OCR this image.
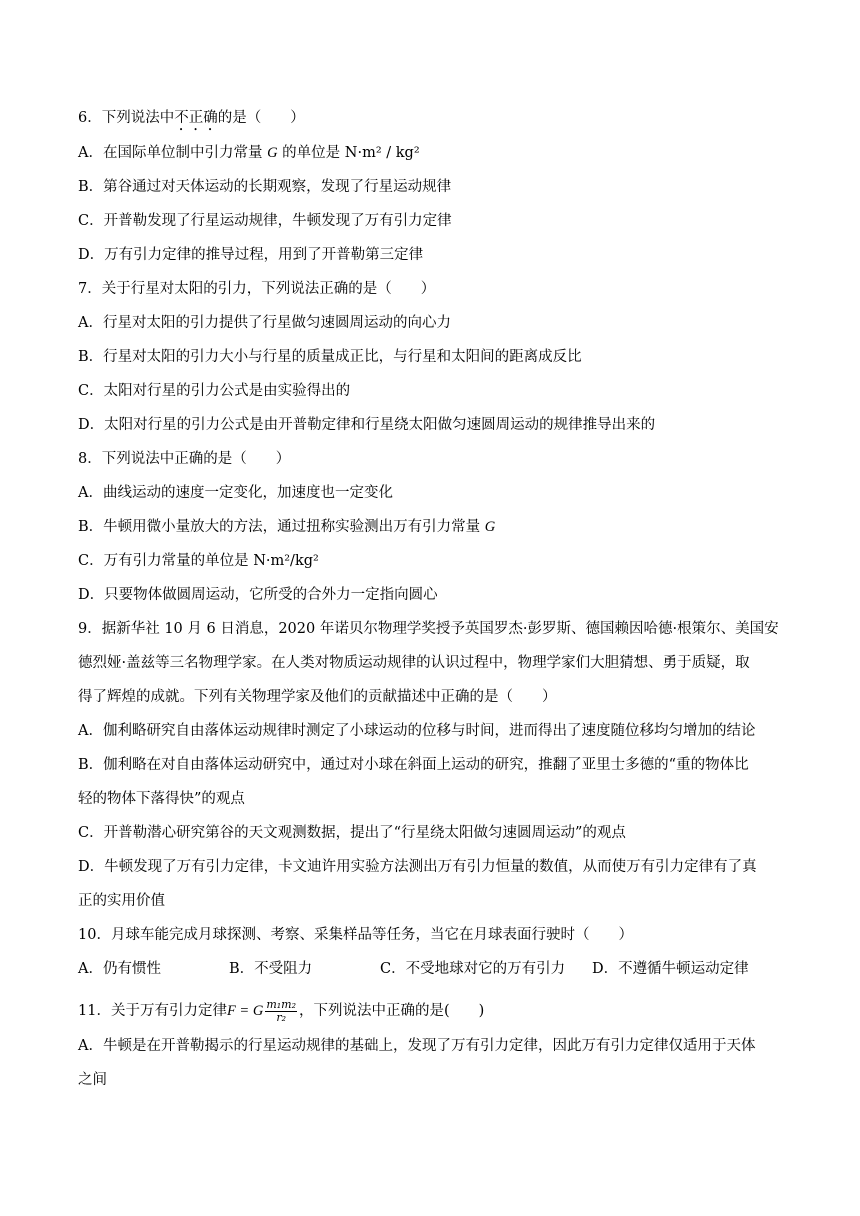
6．下列说法中不正确的是（　　）
A．在国际单位制中引力常量 G 的单位是 N·m² / kg²
B．第谷通过对天体运动的长期观察，发现了行星运动规律
C．开普勒发现了行星运动规律，牛顿发现了万有引力定律
D．万有引力定律的推导过程，用到了开普勒第三定律
7．关于行星对太阳的引力，下列说法正确的是（　　）
A．行星对太阳的引力提供了行星做匀速圆周运动的向心力
B．行星对太阳的引力大小与行星的质量成正比，与行星和太阳间的距离成反比
C．太阳对行星的引力公式是由实验得出的
D．太阳对行星的引力公式是由开普勒定律和行星绕太阳做匀速圆周运动的规律推导出来的
8．下列说法中正确的是（　　）
A．曲线运动的速度一定变化，加速度也一定变化
B．牛顿用微小量放大的方法，通过扭称实验测出万有引力常量 G
C．万有引力常量的单位是 N·m²/kg²
D．只要物体做圆周运动，它所受的合外力一定指向圆心
9．据新华社 10 月 6 日消息，2020 年诺贝尔物理学奖授予英国罗杰·彭罗斯、德国赖因哈德·根策尔、美国安
德烈娅·盖兹等三名物理学家。在人类对物质运动规律的认识过程中，物理学家们大胆猜想、勇于质疑，取
得了辉煌的成就。下列有关物理学家及他们的贡献描述中正确的是（　　）
A．伽利略研究自由落体运动规律时测定了小球运动的位移与时间，进而得出了速度随位移均匀增加的结论
B．伽利略在对自由落体运动研究中，通过对小球在斜面上运动的研究，推翻了亚里士多德的“重的物体比
轻的物体下落得快”的观点
C．开普勒潜心研究第谷的天文观测数据，提出了“行星绕太阳做匀速圆周运动”的观点
D．牛顿发现了万有引力定律，卡文迪许用实验方法测出万有引力恒量的数值，从而使万有引力定律有了真
正的实用价值
10．月球车能完成月球探测、考察、采集样品等任务，当它在月球表面行驶时（　　）
A．仍有惯性	B．不受阻力	C．不受地球对它的万有引力 D．不遵循牛顿运动定律
11．关于万有引力定律F = G $\frac{\text{m₁m₂}}{\text{r₂}}$ ，下列说法中正确的是(　　)
A．牛顿是在开普勒揭示的行星运动规律的基础上，发现了万有引力定律，因此万有引力定律仅适用于天体
之间
